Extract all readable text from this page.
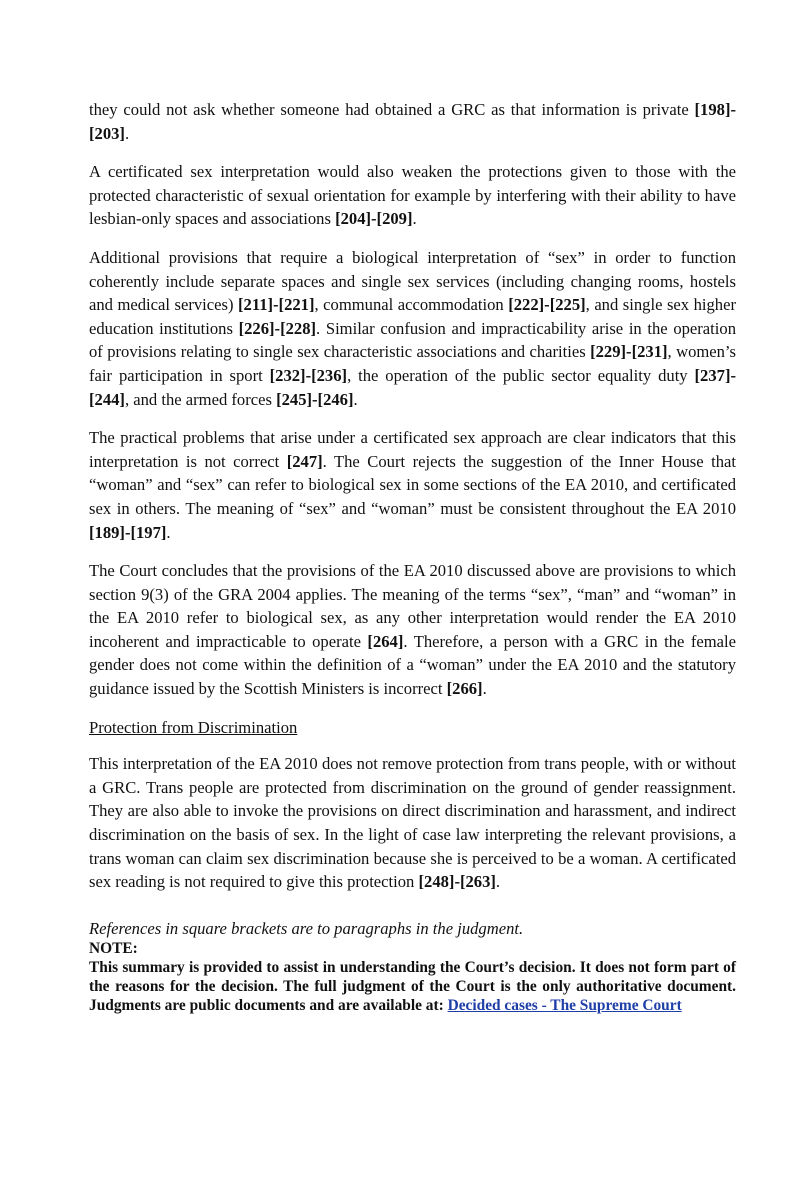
they could not ask whether someone had obtained a GRC as that information is private [198]-[203].

A certificated sex interpretation would also weaken the protections given to those with the protected characteristic of sexual orientation for example by interfering with their ability to have lesbian-only spaces and associations [204]-[209].

Additional provisions that require a biological interpretation of “sex” in order to function coherently include separate spaces and single sex services (including changing rooms, hostels and medical services) [211]-[221], communal accommodation [222]-[225], and single sex higher education institutions [226]-[228]. Similar confusion and impracticability arise in the operation of provisions relating to single sex characteristic associations and charities [229]-[231], women’s fair participation in sport [232]-[236], the operation of the public sector equality duty [237]-[244], and the armed forces [245]-[246].

The practical problems that arise under a certificated sex approach are clear indicators that this interpretation is not correct [247]. The Court rejects the suggestion of the Inner House that “woman” and “sex” can refer to biological sex in some sections of the EA 2010, and certificated sex in others. The meaning of “sex” and “woman” must be consistent throughout the EA 2010 [189]-[197].

The Court concludes that the provisions of the EA 2010 discussed above are provisions to which section 9(3) of the GRA 2004 applies. The meaning of the terms “sex”, “man” and “woman” in the EA 2010 refer to biological sex, as any other interpretation would render the EA 2010 incoherent and impracticable to operate [264]. Therefore, a person with a GRC in the female gender does not come within the definition of a “woman” under the EA 2010 and the statutory guidance issued by the Scottish Ministers is incorrect [266].

Protection from Discrimination

This interpretation of the EA 2010 does not remove protection from trans people, with or without a GRC. Trans people are protected from discrimination on the ground of gender reassignment. They are also able to invoke the provisions on direct discrimination and harassment, and indirect discrimination on the basis of sex. In the light of case law interpreting the relevant provisions, a trans woman can claim sex discrimination because she is perceived to be a woman. A certificated sex reading is not required to give this protection [248]-[263].

References in square brackets are to paragraphs in the judgment.

NOTE:

This summary is provided to assist in understanding the Court’s decision. It does not form part of the reasons for the decision. The full judgment of the Court is the only authoritative document. Judgments are public documents and are available at: Decided cases - The Supreme Court
